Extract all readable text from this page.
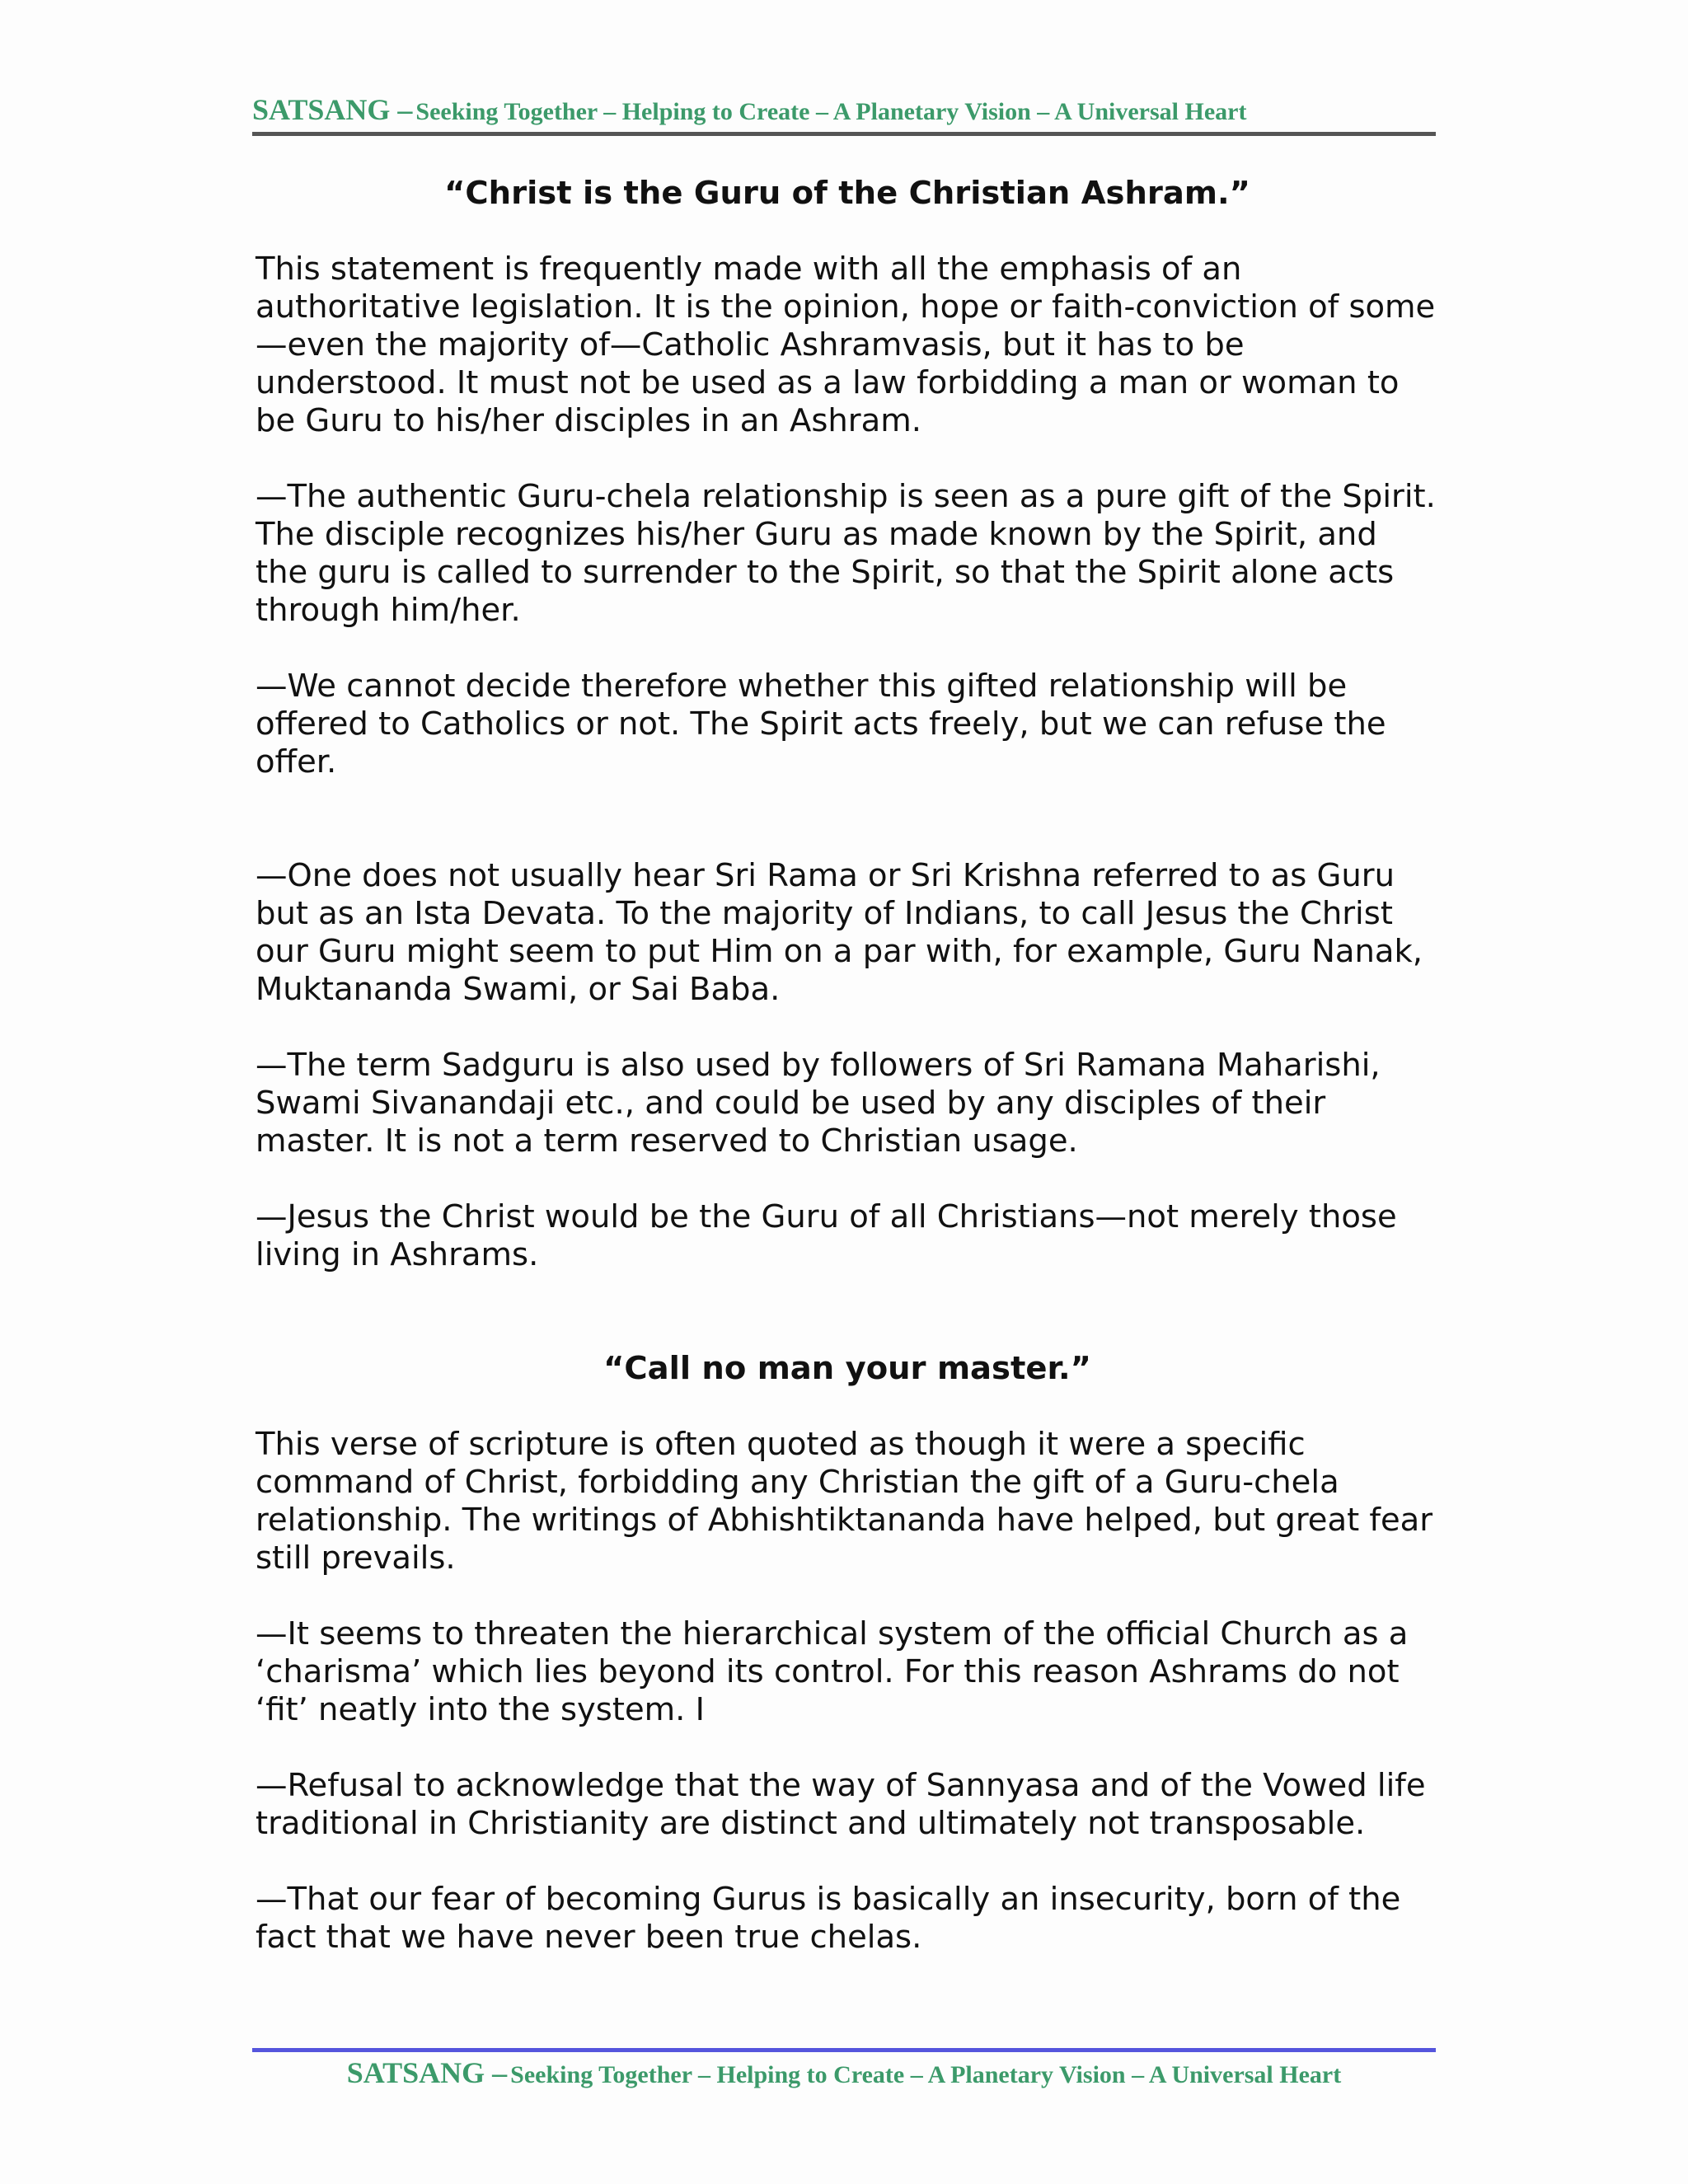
SATSANG – Seeking Together – Helping to Create – A Planetary Vision – A Universal Heart

“Christ is the Guru of the Christian Ashram.”

This statement is frequently made with all the emphasis of an authoritative legislation. It is the opinion, hope or faith-conviction of some—even the majority of—Catholic Ashramvasis, but it has to be understood. It must not be used as a law forbidding a man or woman to be Guru to his/her disciples in an Ashram.

—The authentic Guru-chela relationship is seen as a pure gift of the Spirit. The disciple recognizes his/her Guru as made known by the Spirit, and the guru is called to surrender to the Spirit, so that the Spirit alone acts through him/her.

—We cannot decide therefore whether this gifted relationship will be offered to Catholics or not. The Spirit acts freely, but we can refuse the offer.

—One does not usually hear Sri Rama or Sri Krishna referred to as Guru but as an Ista Devata. To the majority of Indians, to call Jesus the Christ our Guru might seem to put Him on a par with, for example, Guru Nanak, Muktananda Swami, or Sai Baba.

—The term Sadguru is also used by followers of Sri Ramana Maharishi, Swami Sivanandaji etc., and could be used by any disciples of their master. It is not a term reserved to Christian usage.

—Jesus the Christ would be the Guru of all Christians—not merely those living in Ashrams.

“Call no man your master.”

This verse of scripture is often quoted as though it were a specific command of Christ, forbidding any Christian the gift of a Guru-chela relationship. The writings of Abhishtiktananda have helped, but great fear still prevails.

—It seems to threaten the hierarchical system of the official Church as a ‘charisma’ which lies beyond its control. For this reason Ashrams do not ‘fit’ neatly into the system. I

—Refusal to acknowledge that the way of Sannyasa and of the Vowed life traditional in Christianity are distinct and ultimately not transposable.

—That our fear of becoming Gurus is basically an insecurity, born of the fact that we have never been true chelas.

SATSANG – Seeking Together – Helping to Create – A Planetary Vision – A Universal Heart
